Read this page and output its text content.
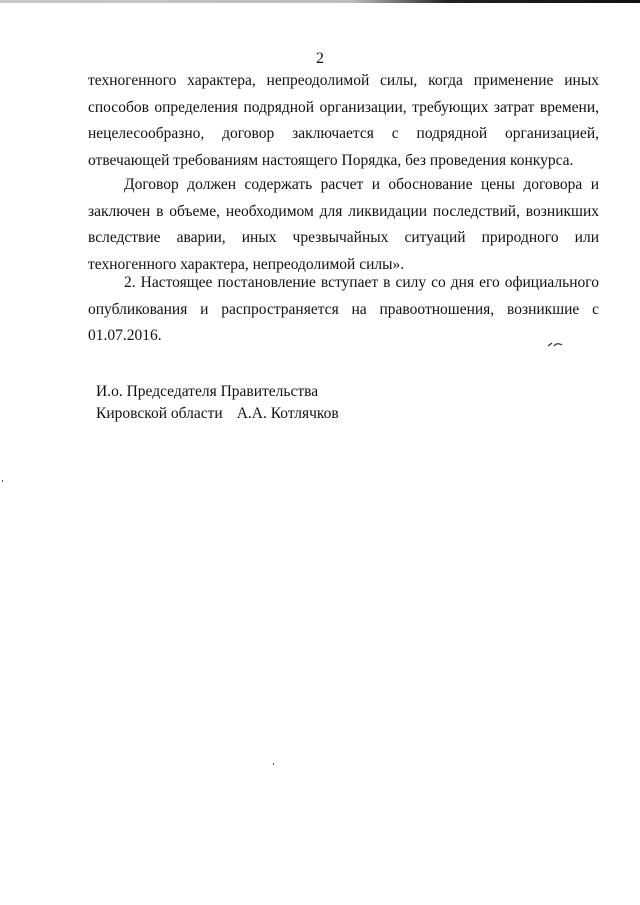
2

техногенного характера, непреодолимой силы, когда применение иных способов определения подрядной организации, требующих затрат времени, нецелесообразно, договор заключается с подрядной организацией, отвечающей требованиям настоящего Порядка, без проведения конкурса.

Договор должен содержать расчет и обоснование цены договора и заключен в объеме, необходимом для ликвидации последствий, возникших вследствие аварии, иных чрезвычайных ситуаций природного или техногенного характера, непреодолимой силы».

2. Настоящее постановление вступает в силу со дня его официального опубликования и распространяется на правоотношения, возникшие с 01.07.2016.

И.о. Председателя Правительства
Кировской области А.А. Котлячков
